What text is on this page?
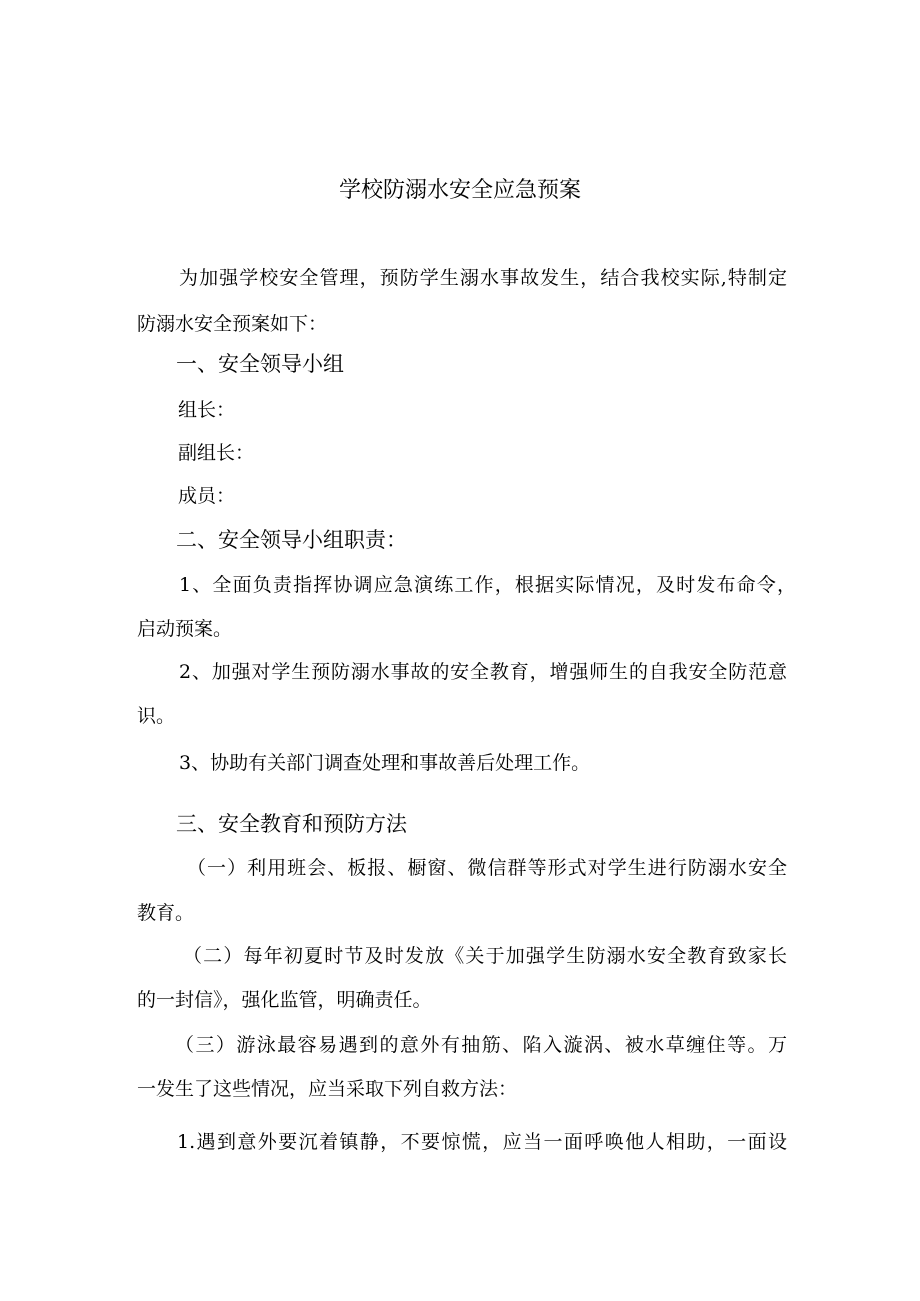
学校防溺水安全应急预案
为加强学校安全管理，预防学生溺水事故发生，结合我校实际,特制定
防溺水安全预案如下：
一、安全领导小组
组长：
副组长：
成员：
二、安全领导小组职责：
1、全面负责指挥协调应急演练工作，根据实际情况，及时发布命令，
启动预案。
2、加强对学生预防溺水事故的安全教育，增强师生的自我安全防范意
识。
3、协助有关部门调查处理和事故善后处理工作。
三、安全教育和预防方法
（一）利用班会、板报、橱窗、微信群等形式对学生进行防溺水安全
教育。
（二）每年初夏时节及时发放《关于加强学生防溺水安全教育致家长
的一封信》，强化监管，明确责任。
（三）游泳最容易遇到的意外有抽筋、陷入漩涡、被水草缠住等。万
一发生了这些情况，应当采取下列自救方法：
1.遇到意外要沉着镇静，不要惊慌，应当一面呼唤他人相助，一面设
